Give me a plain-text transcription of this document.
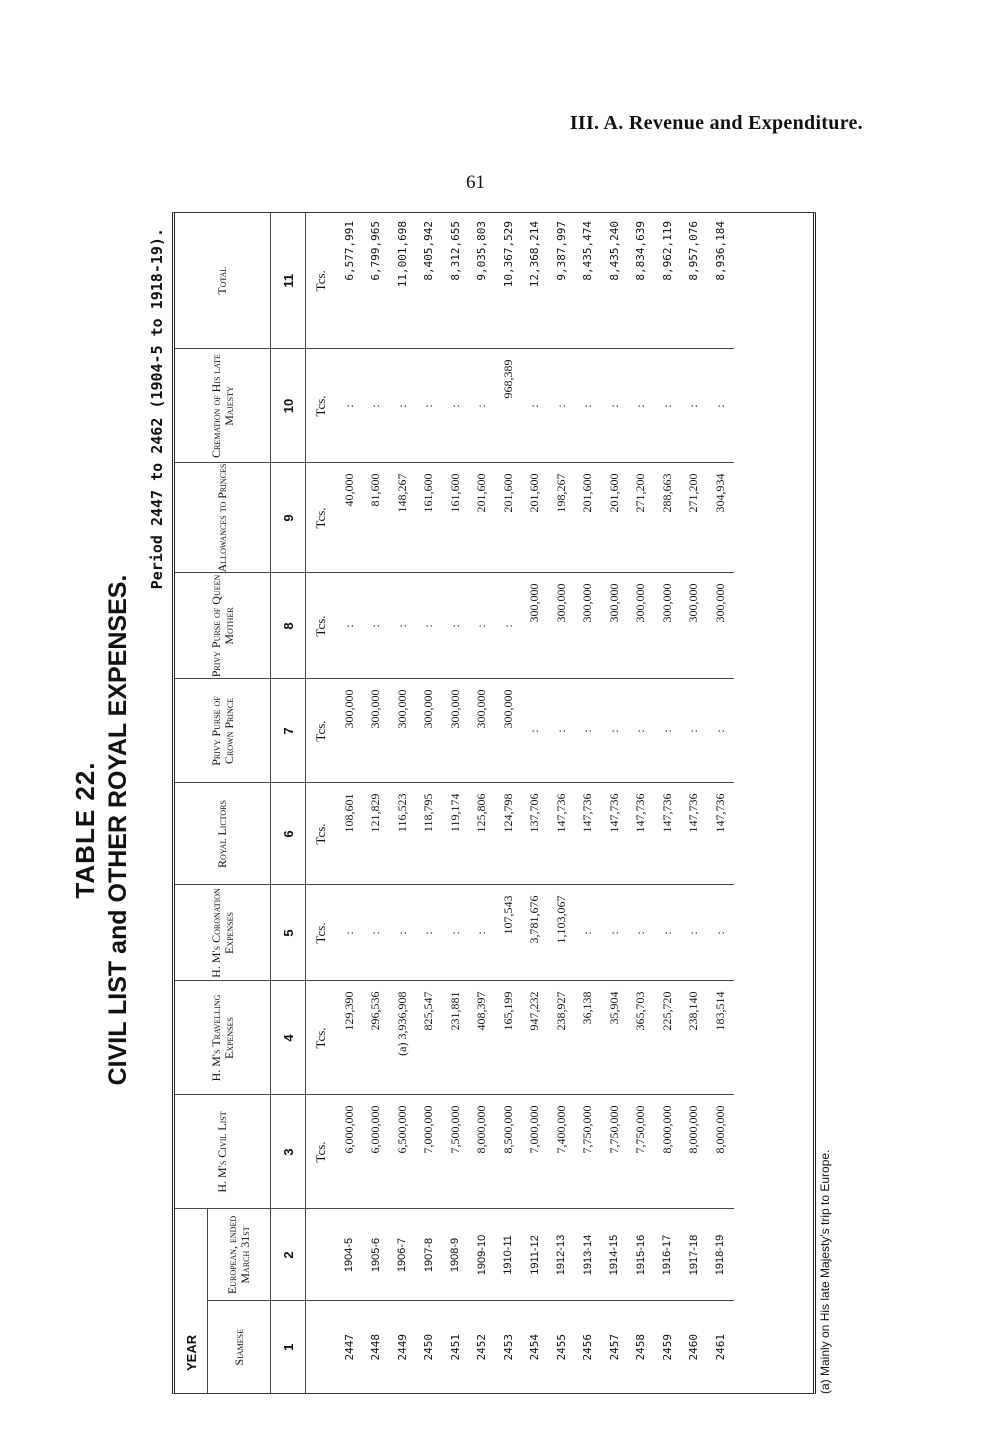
III. A. Revenue and Expenditure.
61
TABLE 22. CIVIL LIST and OTHER ROYAL EXPENSES.
Period 2447 to 2462 (1904-5 to 1918-19).
YEAR		H. M's Civil List	H. M's Travelling Expenses	H. M's Coronation Expenses	Royal Lictors	Privy Purse of Crown Prince	Privy Purse of Queen Mother	Allowances to Princes	Cremation of His late Majesty	Total
Siamese	European, ended March 31st									
1	2	3	4	5	6	7	8	9	10	11
		Tcs.	Tcs.	Tcs.	Tcs.	Tcs.	Tcs.	Tcs.	Tcs.	Tcs.
2447	1904-5	6,000,000	129,390	:	108,601	300,000	:	40,000	:	6,577,991
2448	1905-6	6,000,000	296,536	:	121,829	300,000	:	81,600	:	6,799,965
2449	1906-7	6,500,000	(a) 3,936,908	:	116,523	300,000	:	148,267	:	11,001,698
2450	1907-8	7,000,000	825,547	:	118,795	300,000	:	161,600	:	8,405,942
2451	1908-9	7,500,000	231,881	:	119,174	300,000	:	161,600	:	8,312,655
2452	1909-10	8,000,000	408,397	:	125,806	300,000	:	201,600	:	9,035,803
2453	1910-11	8,500,000	165,199	107,543	124,798	300,000	:	201,600	968,389	10,367,529
2454	1911-12	7,000,000	947,232	3,781,676	137,706	:	300,000	201,600	:	12,368,214
2455	1912-13	7,400,000	238,927	1,103,067	147,736	:	300,000	198,267	:	9,387,997
2456	1913-14	7,750,000	36,138	:	147,736	:	300,000	201,600	:	8,435,474
2457	1914-15	7,750,000	35,904	:	147,736	:	300,000	201,600	:	8,435,240
2458	1915-16	7,750,000	365,703	:	147,736	:	300,000	271,200	:	8,834,639
2459	1916-17	8,000,000	225,720	:	147,736	:	300,000	288,663	:	8,962,119
2460	1917-18	8,000,000	238,140	:	147,736	:	300,000	271,200	:	8,957,076
2461	1918-19	8,000,000	183,514	:	147,736	:	300,000	304,934	:	8,936,184
(a) Mainly on His late Majesty's trip to Europe.
